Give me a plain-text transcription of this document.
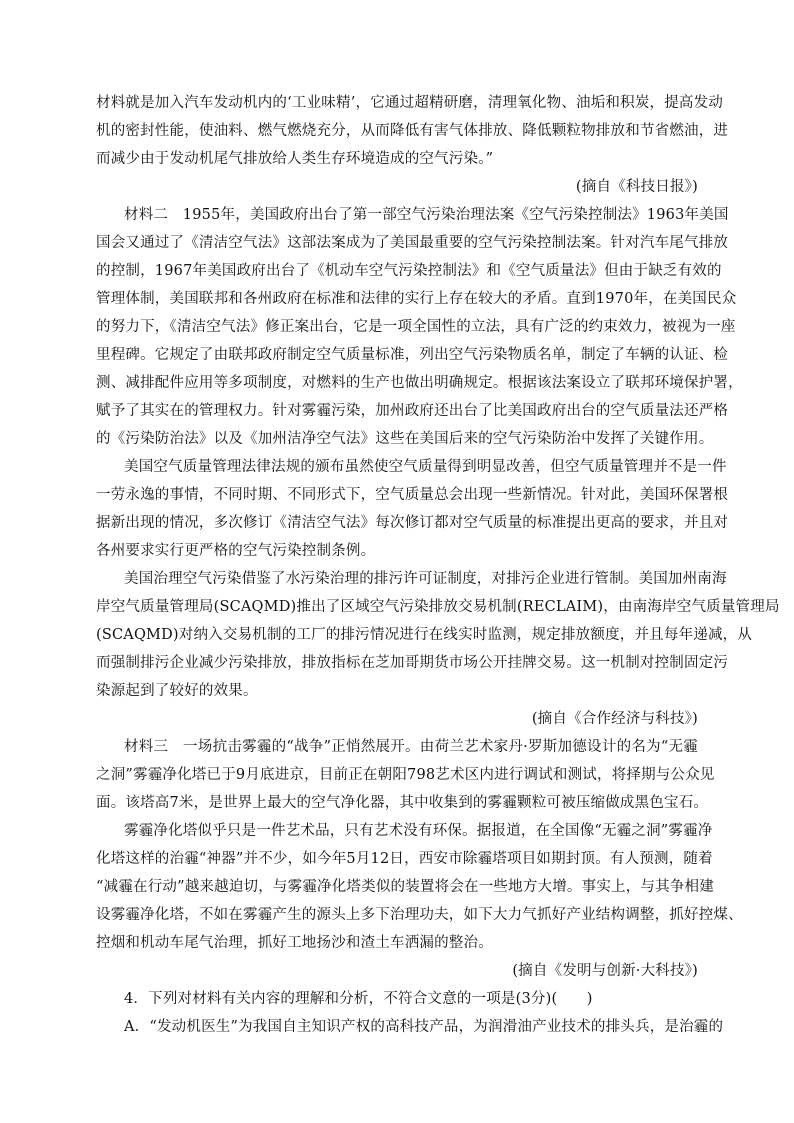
材料就是加入汽车发动机内的‘工业味精’，它通过超精研磨，清理氧化物、油垢和积炭，提高发动
机的密封性能，使油料、燃气燃烧充分，从而降低有害气体排放、降低颗粒物排放和节省燃油，进
而减少由于发动机尾气排放给人类生存环境造成的空气污染。”
(摘自《科技日报》)
材料二　1955年，美国政府出台了第一部空气污染治理法案《空气污染控制法》1963年美国
国会又通过了《清洁空气法》这部法案成为了美国最重要的空气污染控制法案。针对汽车尾气排放
的控制，1967年美国政府出台了《机动车空气污染控制法》和《空气质量法》但由于缺乏有效的
管理体制，美国联邦和各州政府在标准和法律的实行上存在较大的矛盾。直到1970年，在美国民众
的努力下，《清洁空气法》修正案出台，它是一项全国性的立法，具有广泛的约束效力，被视为一座
里程碑。它规定了由联邦政府制定空气质量标准，列出空气污染物质名单，制定了车辆的认证、检
测、减排配件应用等多项制度，对燃料的生产也做出明确规定。根据该法案设立了联邦环境保护署，
赋予了其实在的管理权力。针对雾霾污染，加州政府还出台了比美国政府出台的空气质量法还严格
的《污染防治法》以及《加州洁净空气法》这些在美国后来的空气污染防治中发挥了关键作用。
美国空气质量管理法律法规的颁布虽然使空气质量得到明显改善，但空气质量管理并不是一件
一劳永逸的事情，不同时期、不同形式下，空气质量总会出现一些新情况。针对此，美国环保署根
据新出现的情况，多次修订《清洁空气法》每次修订都对空气质量的标准提出更高的要求，并且对
各州要求实行更严格的空气污染控制条例。
美国治理空气污染借鉴了水污染治理的排污许可证制度，对排污企业进行管制。美国加州南海
岸空气质量管理局(SCAQMD)推出了区域空气污染排放交易机制(RECLAIM)，由南海岸空气质量管理局
(SCAQMD)对纳入交易机制的工厂的排污情况进行在线实时监测，规定排放额度，并且每年递减，从
而强制排污企业减少污染排放，排放指标在芝加哥期货市场公开挂牌交易。这一机制对控制固定污
染源起到了较好的效果。
(摘自《合作经济与科技》)
材料三　一场抗击雾霾的“战争”正悄然展开。由荷兰艺术家丹·罗斯加德设计的名为“无霾
之洞”雾霾净化塔已于9月底进京，目前正在朝阳798艺术区内进行调试和测试，将择期与公众见
面。该塔高7米，是世界上最大的空气净化器，其中收集到的雾霾颗粒可被压缩做成黑色宝石。
雾霾净化塔似乎只是一件艺术品，只有艺术没有环保。据报道，在全国像“无霾之洞”雾霾净
化塔这样的治霾“神器”并不少，如今年5月12日，西安市除霾塔项目如期封顶。有人预测，随着
“减霾在行动”越来越迫切，与雾霾净化塔类似的装置将会在一些地方大增。事实上，与其争相建
设雾霾净化塔，不如在雾霾产生的源头上多下治理功夫，如下大力气抓好产业结构调整，抓好控煤、
控烟和机动车尾气治理，抓好工地扬沙和渣土车洒漏的整治。
(摘自《发明与创新·大科技》)
4．下列对材料有关内容的理解和分析，不符合文意的一项是(3分)(　　)
A．“发动机医生”为我国自主知识产权的高科技产品，为润滑油产业技术的排头兵，是治霾的
